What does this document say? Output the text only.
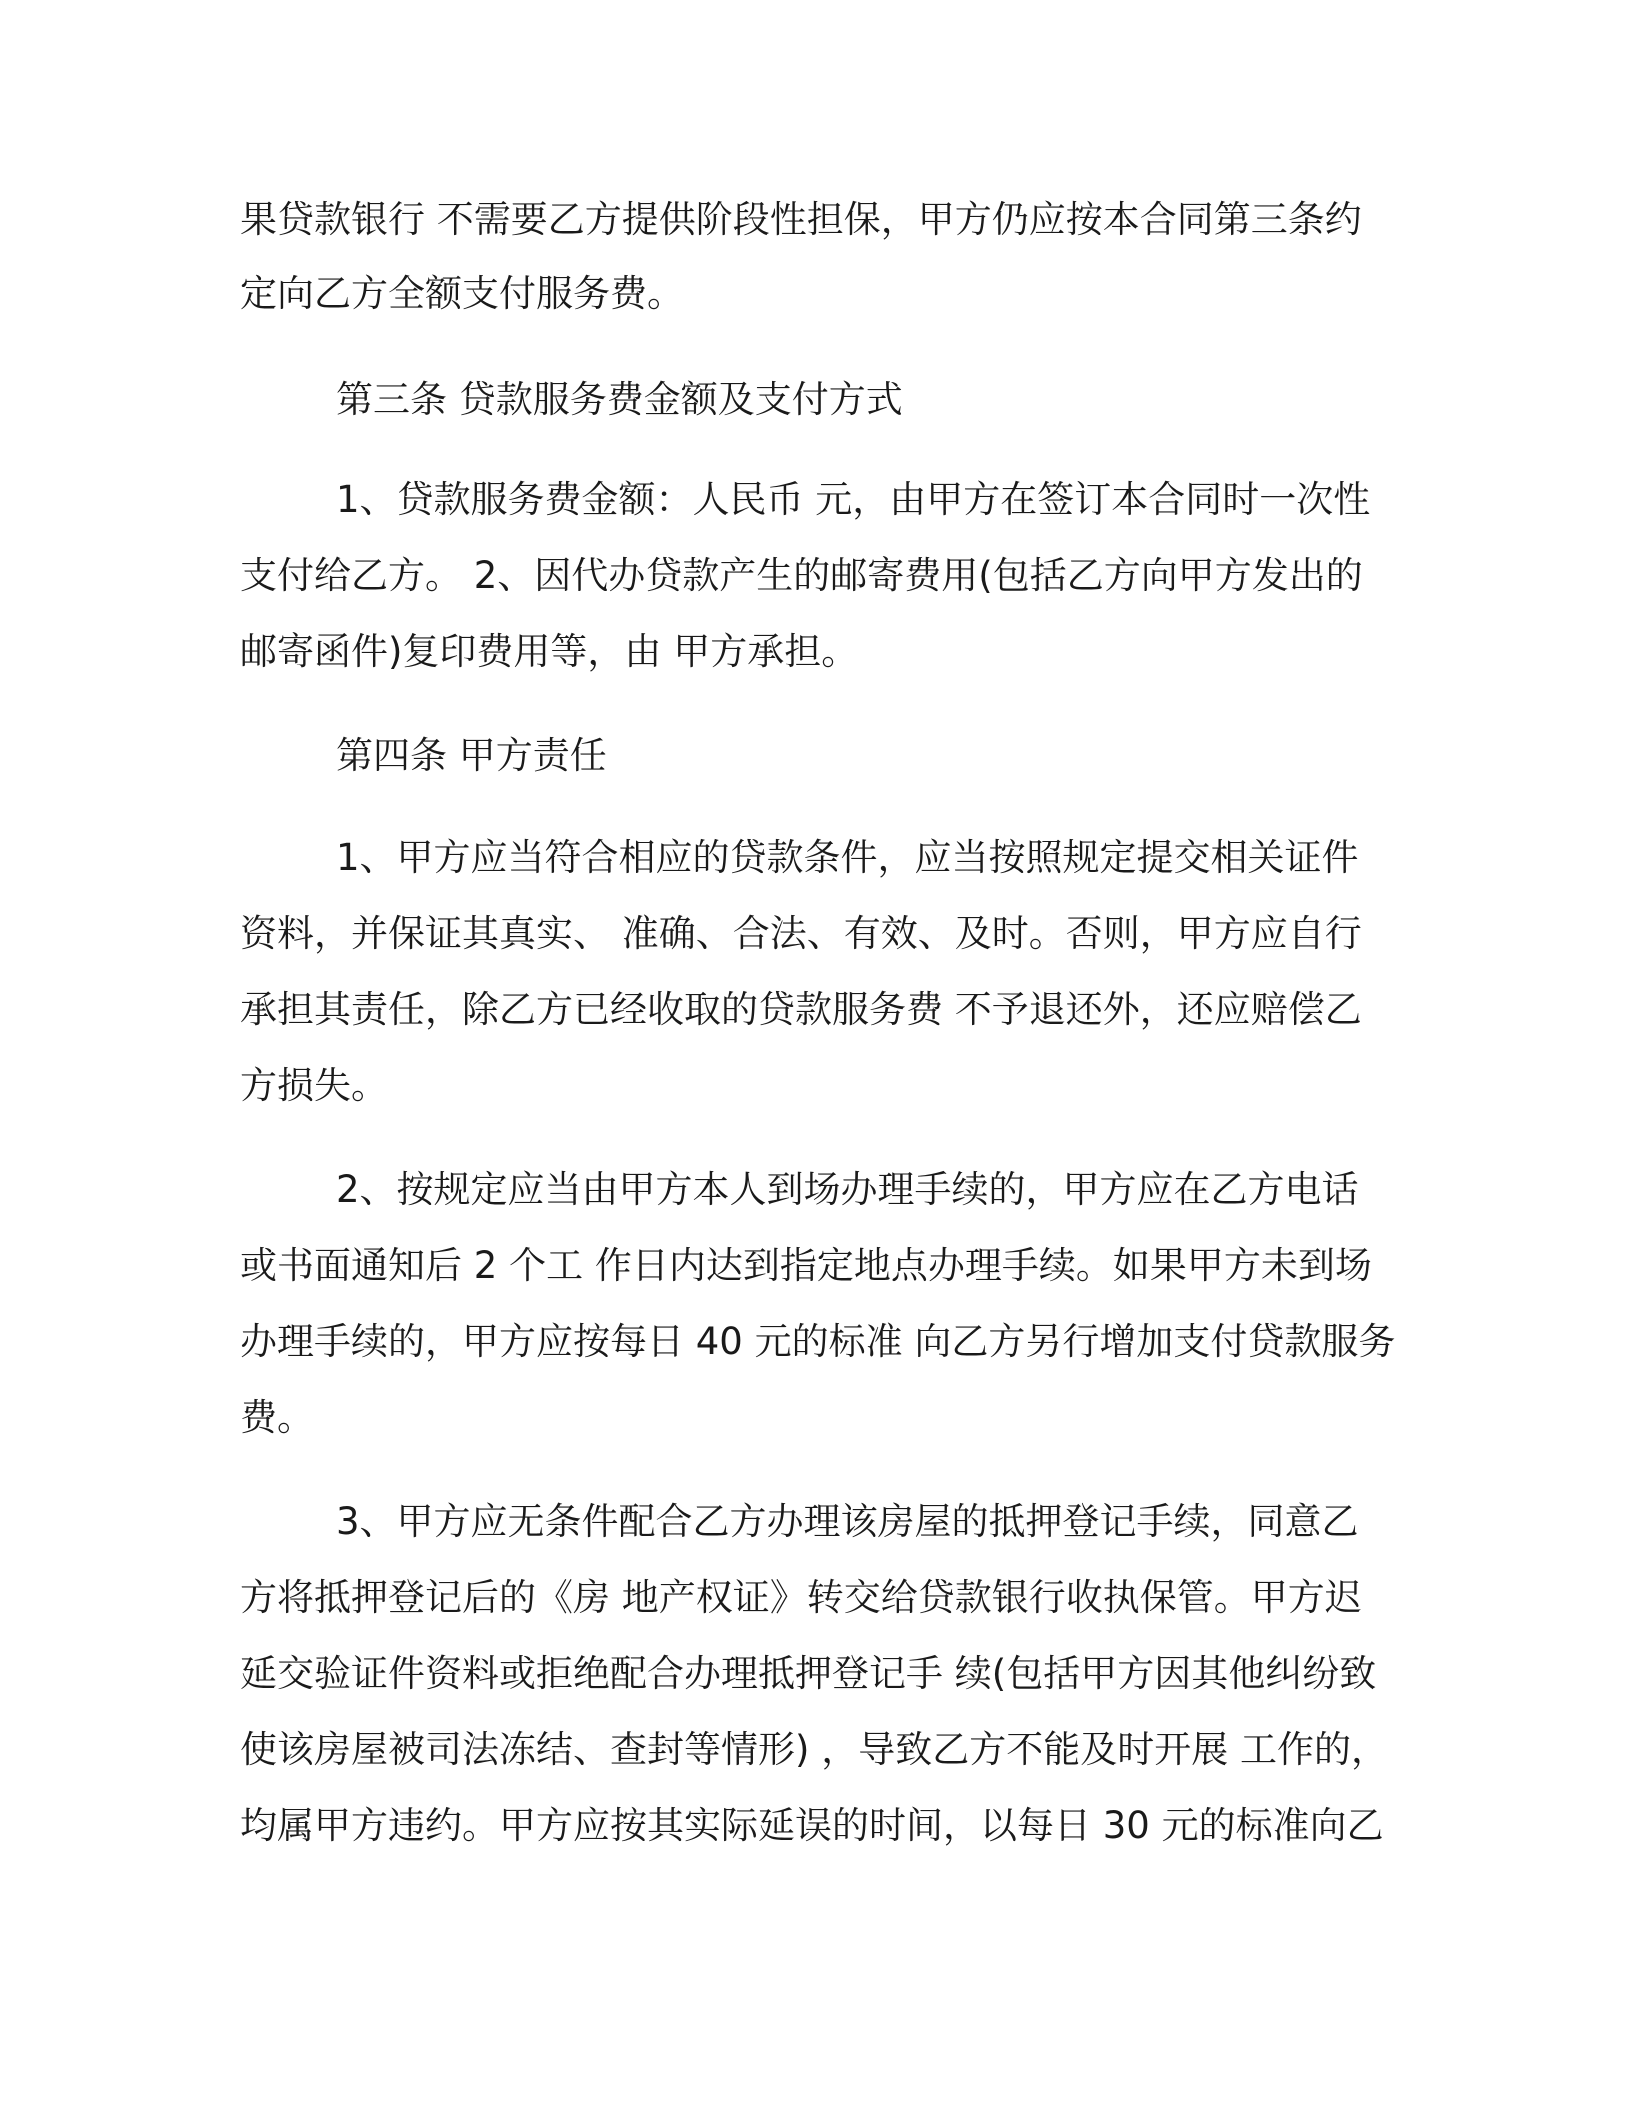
果贷款银行 不需要乙方提供阶段性担保，甲方仍应按本合同第三条约

定向乙方全额支付服务费。

第三条 贷款服务费金额及支付方式

1、贷款服务费金额：人民币 元，由甲方在签订本合同时一次性

支付给乙方。 2、因代办贷款产生的邮寄费用(包括乙方向甲方发出的

邮寄函件)复印费用等，由 甲方承担。

第四条 甲方责任

1、甲方应当符合相应的贷款条件，应当按照规定提交相关证件

资料，并保证其真实、 准确、合法、有效、及时。否则，甲方应自行

承担其责任，除乙方已经收取的贷款服务费 不予退还外，还应赔偿乙

方损失。

2、按规定应当由甲方本人到场办理手续的，甲方应在乙方电话

或书面通知后 2 个工 作日内达到指定地点办理手续。如果甲方未到场

办理手续的，甲方应按每日 40 元的标准 向乙方另行增加支付贷款服务

费。

3、甲方应无条件配合乙方办理该房屋的抵押登记手续，同意乙

方将抵押登记后的《房 地产权证》转交给贷款银行收执保管。甲方迟

延交验证件资料或拒绝配合办理抵押登记手 续(包括甲方因其他纠纷致

使该房屋被司法冻结、查封等情形) ，导致乙方不能及时开展 工作的，

均属甲方违约。甲方应按其实际延误的时间，以每日 30 元的标准向乙
